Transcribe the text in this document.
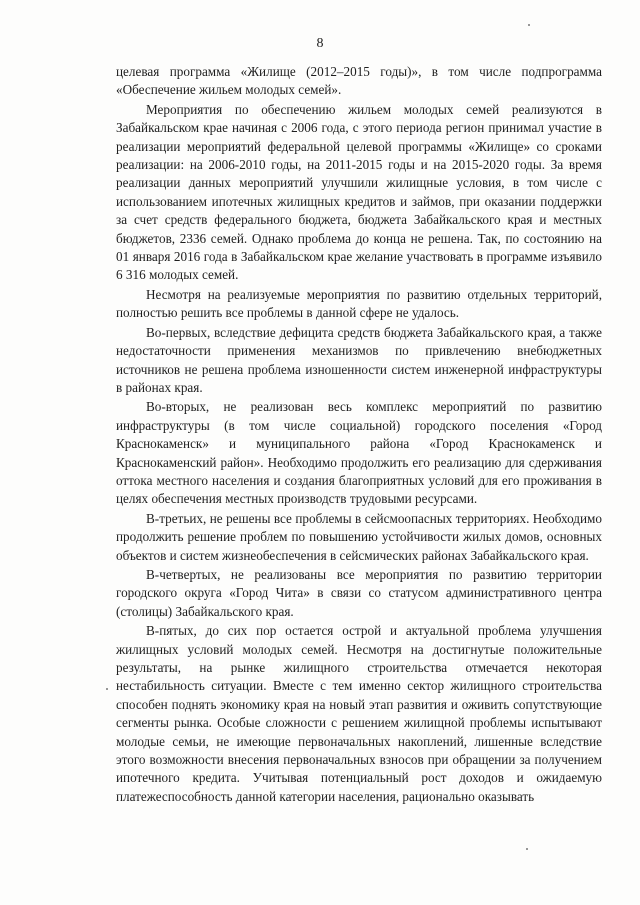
8

целевая программа «Жилище (2012–2015 годы)», в том числе подпрограмма «Обеспечение жильем молодых семей».

Мероприятия по обеспечению жильем молодых семей реализуются в Забайкальском крае начиная с 2006 года, с этого периода регион принимал участие в реализации мероприятий федеральной целевой программы «Жилище» со сроками реализации: на 2006-2010 годы, на 2011-2015 годы и на 2015-2020 годы. За время реализации данных мероприятий улучшили жилищные условия, в том числе с использованием ипотечных жилищных кредитов и займов, при оказании поддержки за счет средств федерального бюджета, бюджета Забайкальского края и местных бюджетов, 2336 семей. Однако проблема до конца не решена. Так, по состоянию на 01 января 2016 года в Забайкальском крае желание участвовать в программе изъявило 6 316 молодых семей.

Несмотря на реализуемые мероприятия по развитию отдельных территорий, полностью решить все проблемы в данной сфере не удалось.

Во-первых, вследствие дефицита средств бюджета Забайкальского края, а также недостаточности применения механизмов по привлечению внебюджетных источников не решена проблема изношенности систем инженерной инфраструктуры в районах края.

Во-вторых, не реализован весь комплекс мероприятий по развитию инфраструктуры (в том числе социальной) городского поселения «Город Краснокаменск» и муниципального района «Город Краснокаменск и Краснокаменский район». Необходимо продолжить его реализацию для сдерживания оттока местного населения и создания благоприятных условий для его проживания в целях обеспечения местных производств трудовыми ресурсами.

В-третьих, не решены все проблемы в сейсмоопасных территориях. Необходимо продолжить решение проблем по повышению устойчивости жилых домов, основных объектов и систем жизнеобеспечения в сейсмических районах Забайкальского края.

В-четвертых, не реализованы все мероприятия по развитию территории городского округа «Город Чита» в связи со статусом административного центра (столицы) Забайкальского края.

В-пятых, до сих пор остается острой и актуальной проблема улучшения жилищных условий молодых семей. Несмотря на достигнутые положительные результаты, на рынке жилищного строительства отмечается некоторая нестабильность ситуации. Вместе с тем именно сектор жилищного строительства способен поднять экономику края на новый этап развития и оживить сопутствующие сегменты рынка. Особые сложности с решением жилищной проблемы испытывают молодые семьи, не имеющие первоначальных накоплений, лишенные вследствие этого возможности внесения первоначальных взносов при обращении за получением ипотечного кредита. Учитывая потенциальный рост доходов и ожидаемую платежеспособность данной категории населения, рационально оказывать
